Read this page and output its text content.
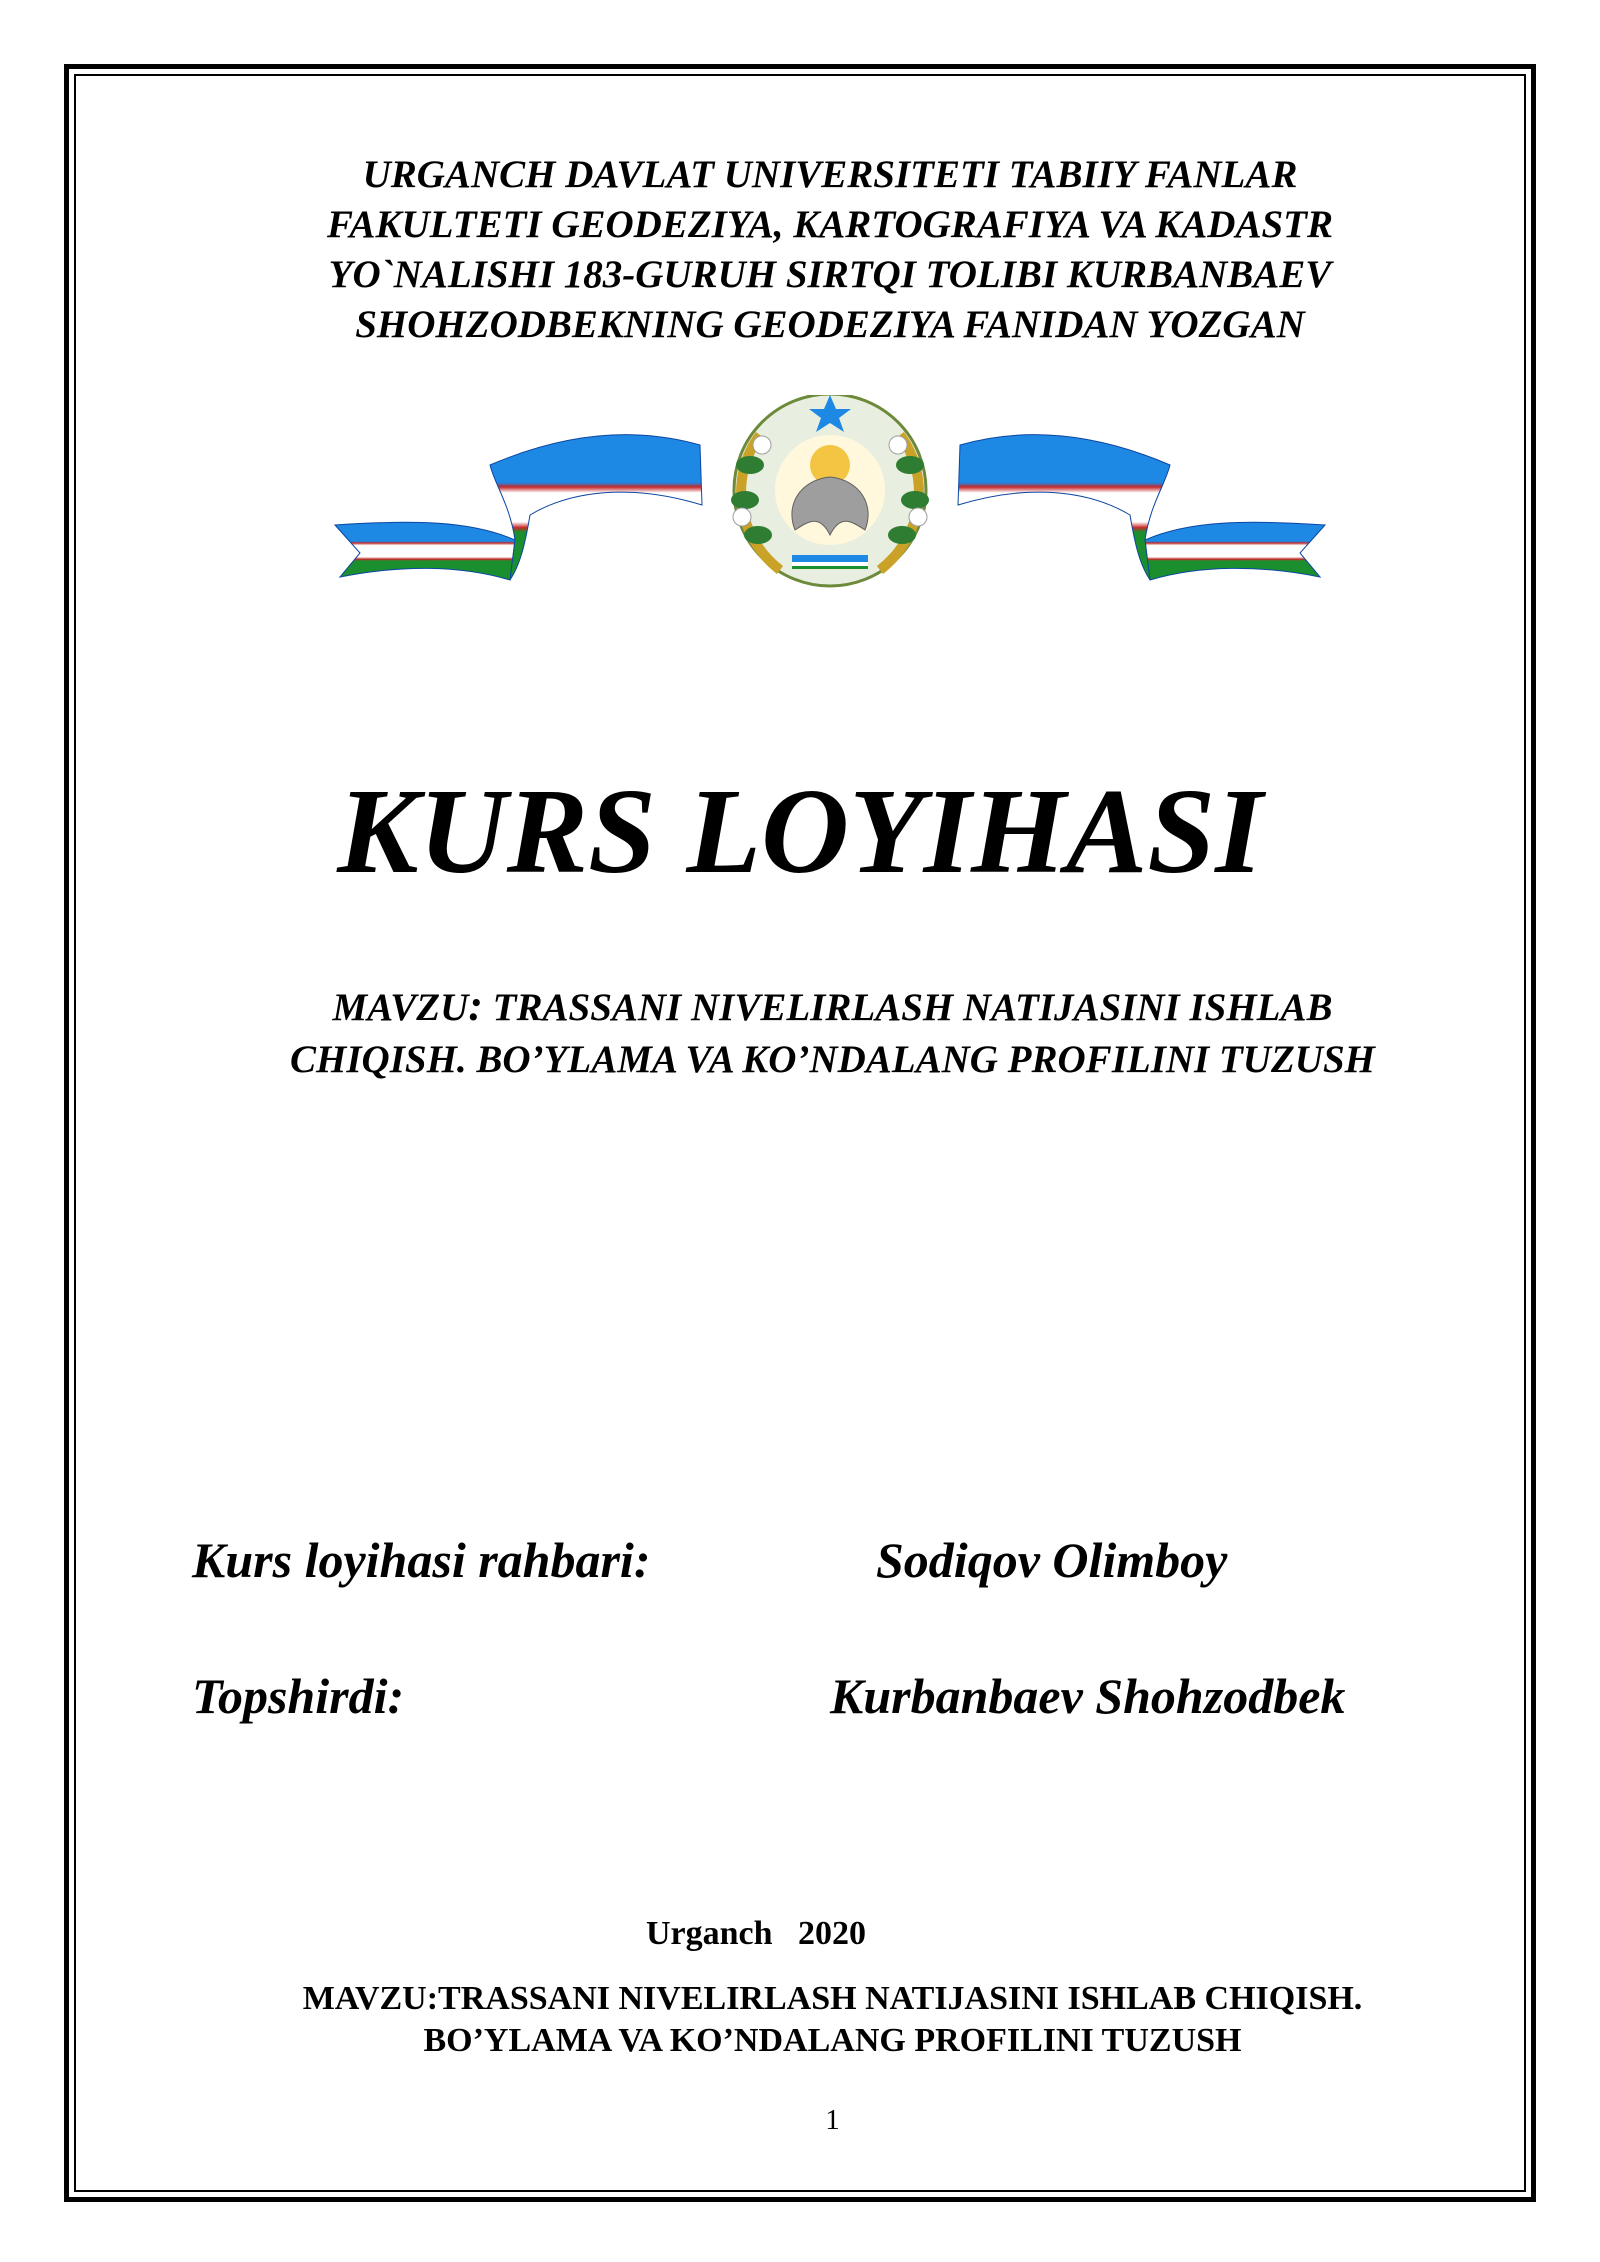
URGANCH DAVLAT UNIVERSITETI TABIIY FANLAR
FAKULTETI GEODEZIYA, KARTOGRAFIYA VA KADASTR
YO`NALISHI 183-GURUH SIRTQI TOLIBI KURBANBAEV
SHOHZODBEKNING GEODEZIYA FANIDAN YOZGAN
KURS LOYIHASI
MAVZU: TRASSANI NIVELIRLASH NATIJASINI ISHLAB
CHIQISH. BO’YLAMA VA KO’NDALANG PROFILINI TUZUSH
Kurs loyihasi rahbari:	Sodiqov Olimboy
Topshirdi:	Kurbanbaev Shohzodbek
Urganch   2020
MAVZU:TRASSANI NIVELIRLASH NATIJASINI ISHLAB CHIQISH.
BO’YLAMA VA KO’NDALANG PROFILINI TUZUSH
1
